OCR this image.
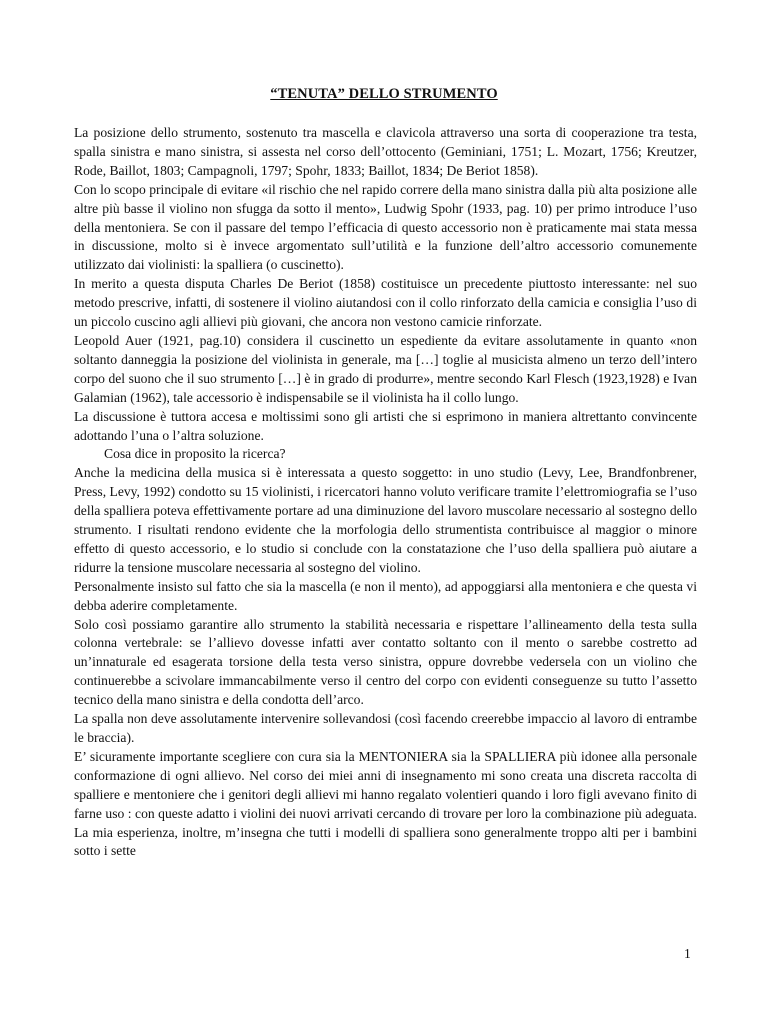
“TENUTA” DELLO STRUMENTO

La posizione dello strumento, sostenuto tra mascella e clavicola attraverso una sorta di cooperazione tra testa, spalla sinistra e mano sinistra, si assesta nel corso dell’ottocento (Geminiani, 1751; L. Mozart, 1756; Kreutzer, Rode, Baillot, 1803; Campagnoli, 1797; Spohr, 1833; Baillot, 1834; De Beriot 1858).

Con lo scopo principale di evitare «il rischio che nel rapido correre della mano sinistra dalla più alta posizione alle altre più basse il violino non sfugga da sotto il mento», Ludwig Spohr (1933, pag. 10) per primo introduce l’uso della mentoniera. Se con il passare del tempo l’efficacia di questo accessorio non è praticamente mai stata messa in discussione, molto si è invece argomentato sull’utilità e la funzione dell’altro accessorio comunemente utilizzato dai violinisti: la spalliera (o cuscinetto).

In merito a questa disputa Charles De Beriot (1858) costituisce un precedente piuttosto interessante: nel suo metodo prescrive, infatti, di sostenere il violino aiutandosi con il collo rinforzato della camicia e consiglia l’uso di un piccolo cuscino agli allievi più giovani, che ancora non vestono camicie rinforzate.

Leopold Auer (1921, pag.10) considera il cuscinetto un espediente da evitare assolutamente in quanto «non soltanto danneggia la posizione del violinista in generale, ma […] toglie al musicista almeno un terzo dell’intero corpo del suono che il suo strumento […] è in grado di produrre», mentre secondo Karl Flesch (1923,1928) e Ivan Galamian (1962), tale accessorio è indispensabile se il violinista ha il collo lungo.

La discussione è tuttora accesa e moltissimi sono gli artisti che si esprimono in maniera altrettanto convincente adottando l’una o l’altra soluzione.

Cosa dice in proposito la ricerca?

Anche la medicina della musica si è interessata a questo soggetto: in uno studio (Levy, Lee, Brandfonbrener, Press, Levy, 1992) condotto su 15 violinisti, i ricercatori hanno voluto verificare tramite l’elettromiografia se l’uso della spalliera poteva effettivamente portare ad una diminuzione del lavoro muscolare necessario al sostegno dello strumento. I risultati rendono evidente che la morfologia dello strumentista contribuisce al maggior o minore effetto di questo accessorio, e lo studio si conclude con la constatazione che l’uso della spalliera può aiutare a ridurre la tensione muscolare necessaria al sostegno del violino.

Personalmente insisto sul fatto che sia la mascella (e non il mento), ad appoggiarsi alla mentoniera e che questa vi debba aderire completamente.

Solo così possiamo garantire allo strumento la stabilità necessaria e rispettare l’allineamento della testa sulla colonna vertebrale: se l’allievo dovesse infatti aver contatto soltanto con il mento o sarebbe costretto ad un’innaturale ed esagerata torsione della testa verso sinistra, oppure dovrebbe vedersela con un violino che continuerebbe a scivolare immancabilmente verso il centro del corpo con evidenti conseguenze su tutto l’assetto tecnico della mano sinistra e della condotta dell’arco.

La spalla non deve assolutamente intervenire sollevandosi (così facendo creerebbe impaccio al lavoro di entrambe le braccia).

E’ sicuramente importante scegliere con cura sia la MENTONIERA sia la SPALLIERA più idonee alla personale conformazione di ogni allievo. Nel corso dei miei anni di insegnamento mi sono creata una discreta raccolta di spalliere e mentoniere che i genitori degli allievi mi hanno regalato volentieri quando i loro figli avevano finito di farne uso : con queste adatto i violini dei nuovi arrivati cercando di trovare per loro la combinazione più adeguata. La mia esperienza, inoltre, m’insegna che tutti i modelli di spalliera sono generalmente troppo alti per i bambini sotto i sette

1
